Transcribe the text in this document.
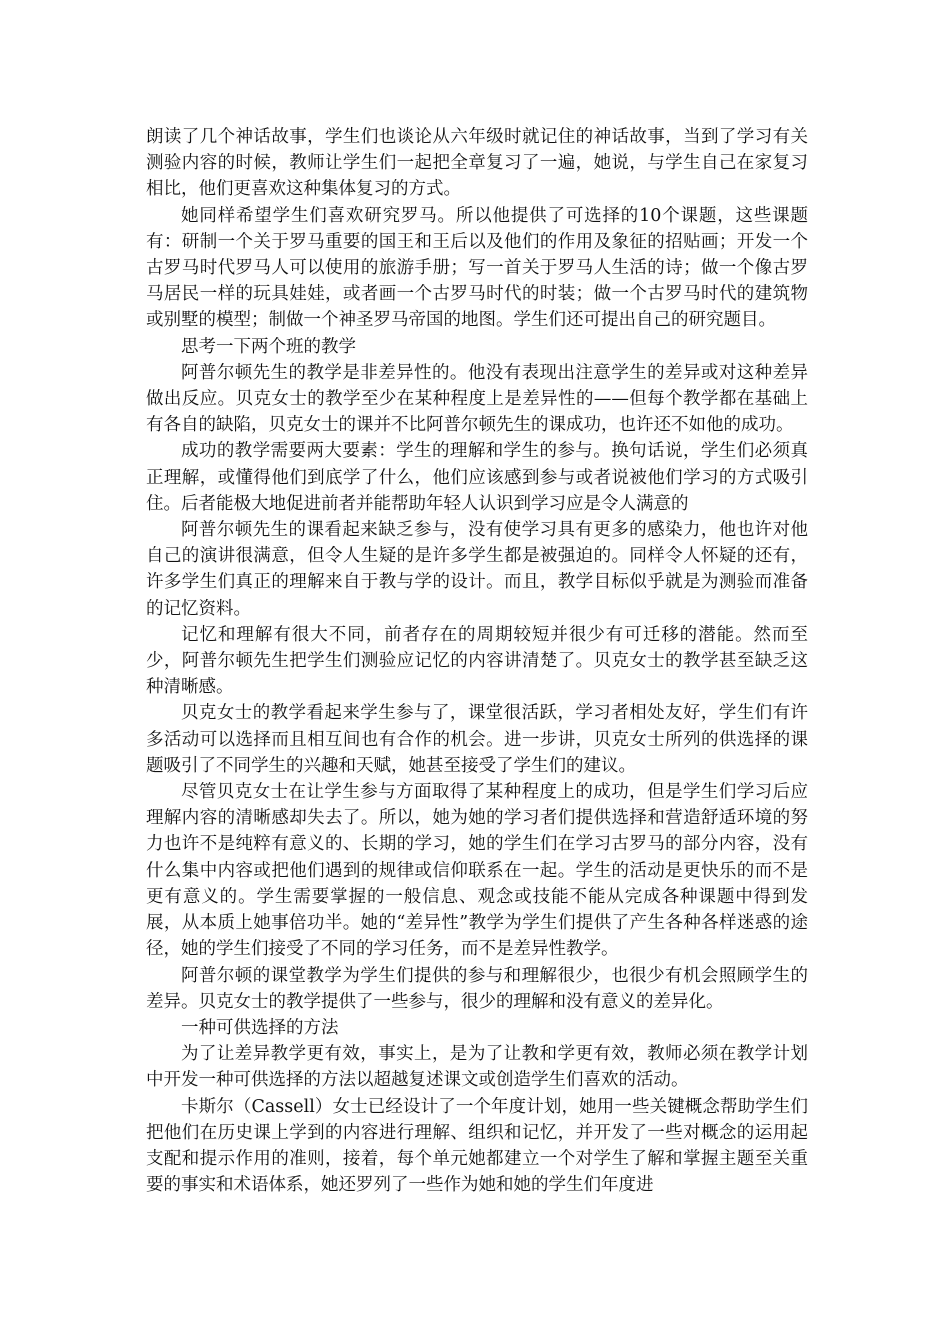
朗读了几个神话故事，学生们也谈论从六年级时就记住的神话故事，当到了学习有关测验内容的时候，教师让学生们一起把全章复习了一遍，她说，与学生自己在家复习相比，他们更喜欢这种集体复习的方式。

她同样希望学生们喜欢研究罗马。所以他提供了可选择的10个课题，这些课题有：研制一个关于罗马重要的国王和王后以及他们的作用及象征的招贴画；开发一个古罗马时代罗马人可以使用的旅游手册；写一首关于罗马人生活的诗；做一个像古罗马居民一样的玩具娃娃，或者画一个古罗马时代的时装；做一个古罗马时代的建筑物或别墅的模型；制做一个神圣罗马帝国的地图。学生们还可提出自己的研究题目。

思考一下两个班的教学

阿普尔顿先生的教学是非差异性的。他没有表现出注意学生的差异或对这种差异做出反应。贝克女士的教学至少在某种程度上是差异性的——但每个教学都在基础上有各自的缺陷，贝克女士的课并不比阿普尔顿先生的课成功，也许还不如他的成功。

成功的教学需要两大要素：学生的理解和学生的参与。换句话说，学生们必须真正理解，或懂得他们到底学了什么，他们应该感到参与或者说被他们学习的方式吸引住。后者能极大地促进前者并能帮助年轻人认识到学习应是令人满意的

阿普尔顿先生的课看起来缺乏参与，没有使学习具有更多的感染力，他也许对他自己的演讲很满意，但令人生疑的是许多学生都是被强迫的。同样令人怀疑的还有，许多学生们真正的理解来自于教与学的设计。而且，教学目标似乎就是为测验而准备的记忆资料。

记忆和理解有很大不同，前者存在的周期较短并很少有可迁移的潜能。然而至少，阿普尔顿先生把学生们测验应记忆的内容讲清楚了。贝克女士的教学甚至缺乏这种清晰感。

贝克女士的教学看起来学生参与了，课堂很活跃，学习者相处友好，学生们有许多活动可以选择而且相互间也有合作的机会。进一步讲，贝克女士所列的供选择的课题吸引了不同学生的兴趣和天赋，她甚至接受了学生们的建议。

尽管贝克女士在让学生参与方面取得了某种程度上的成功，但是学生们学习后应理解内容的清晰感却失去了。所以，她为她的学习者们提供选择和营造舒适环境的努力也许不是纯粹有意义的、长期的学习，她的学生们在学习古罗马的部分内容，没有什么集中内容或把他们遇到的规律或信仰联系在一起。学生的活动是更快乐的而不是更有意义的。学生需要掌握的一般信息、观念或技能不能从完成各种课题中得到发展，从本质上她事倍功半。她的“差异性”教学为学生们提供了产生各种各样迷惑的途径，她的学生们接受了不同的学习任务，而不是差异性教学。

阿普尔顿的课堂教学为学生们提供的参与和理解很少，也很少有机会照顾学生的差异。贝克女士的教学提供了一些参与，很少的理解和没有意义的差异化。

一种可供选择的方法

为了让差异教学更有效，事实上，是为了让教和学更有效，教师必须在教学计划中开发一种可供选择的方法以超越复述课文或创造学生们喜欢的活动。

卡斯尔（Cassell）女士已经设计了一个年度计划，她用一些关键概念帮助学生们把他们在历史课上学到的内容进行理解、组织和记忆，并开发了一些对概念的运用起支配和提示作用的准则，接着，每个单元她都建立一个对学生了解和掌握主题至关重要的事实和术语体系，她还罗列了一些作为她和她的学生们年度进
